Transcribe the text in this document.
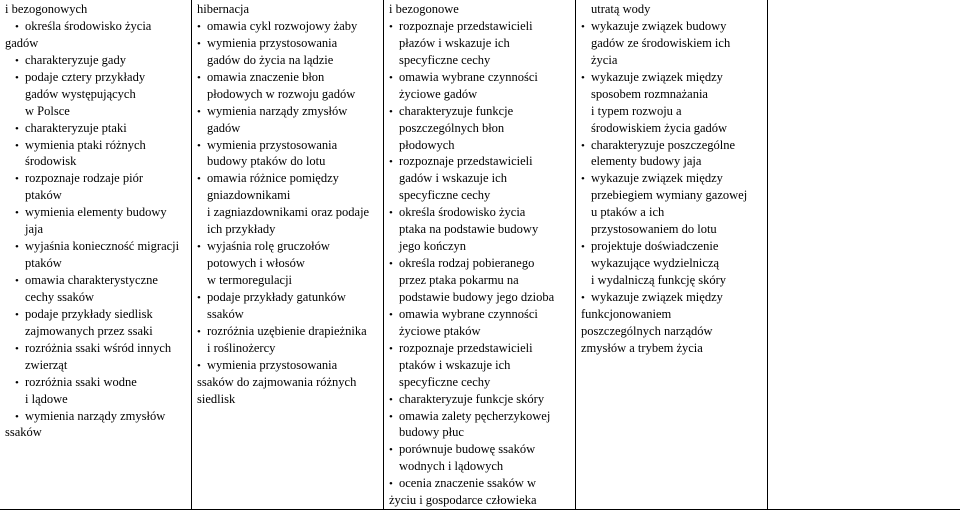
i bezogonowych
• określa środowisko życia
gadów
• charakteryzuje gady
• podaje cztery przykłady
gadów występujących
w Polsce
• charakteryzuje ptaki
• wymienia ptaki różnych
środowisk
• rozpoznaje rodzaje piór
ptaków
• wymienia elementy budowy
jaja
• wyjaśnia konieczność migracji
ptaków
• omawia charakterystyczne
cechy ssaków
• podaje przykłady siedlisk
zajmowanych przez ssaki
• rozróżnia ssaki wśród innych
zwierząt
• rozróżnia ssaki wodne
i lądowe
• wymienia narządy zmysłów
ssaków
hibernacja
• omawia cykl rozwojowy żaby
• wymienia przystosowania
gadów do życia na lądzie
• omawia znaczenie błon
płodowych w rozwoju gadów
• wymienia narządy zmysłów
gadów
• wymienia przystosowania
budowy ptaków do lotu
• omawia różnice pomiędzy
gniazdownikami
i zagniazdownikami oraz podaje
ich przykłady
• wyjaśnia rolę gruczołów
potowych i włosów
w termoregulacji
• podaje przykłady gatunków
ssaków
• rozróżnia uzębienie drapieżnika
i roślinożercy
• wymienia przystosowania
ssaków do zajmowania różnych
siedlisk
i bezogonowe
• rozpoznaje przedstawicieli
płazów i wskazuje ich
specyficzne cechy
• omawia wybrane czynności
życiowe gadów
• charakteryzuje funkcje
poszczególnych błon
płodowych
• rozpoznaje przedstawicieli
gadów i wskazuje ich
specyficzne cechy
• określa środowisko życia
ptaka na podstawie budowy
jego kończyn
• określa rodzaj pobieranego
przez ptaka pokarmu na
podstawie budowy jego dzioba
• omawia wybrane czynności
życiowe ptaków
• rozpoznaje przedstawicieli
ptaków i wskazuje ich
specyficzne cechy
• charakteryzuje funkcje skóry
• omawia zalety pęcherzykowej
budowy płuc
• porównuje budowę ssaków
wodnych i lądowych
• ocenia znaczenie ssaków w
życiu i gospodarce człowieka
utratą wody
• wykazuje związek budowy
gadów ze środowiskiem ich
życia
• wykazuje związek między
sposobem rozmnażania
i typem rozwoju a
środowiskiem życia gadów
• charakteryzuje poszczególne
elementy budowy jaja
• wykazuje związek między
przebiegiem wymiany gazowej
u ptaków a ich
przystosowaniem do lotu
• projektuje doświadczenie
wykazujące wydzielniczą
i wydalniczą funkcję skóry
• wykazuje związek między
funkcjonowaniem
poszczególnych narządów
zmysłów a trybem życia
